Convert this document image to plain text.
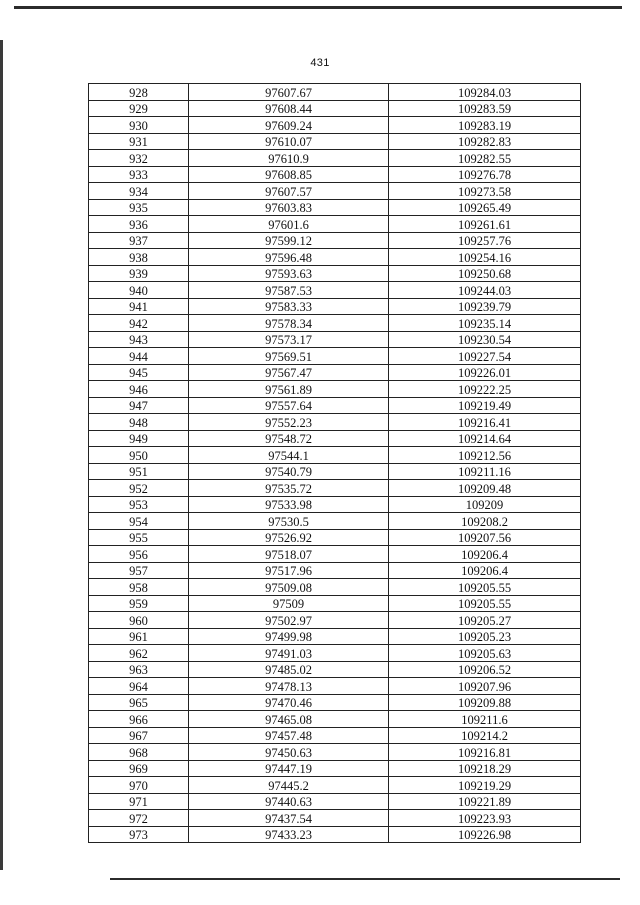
431
928	97607.67	109284.03
929	97608.44	109283.59
930	97609.24	109283.19
931	97610.07	109282.83
932	97610.9	109282.55
933	97608.85	109276.78
934	97607.57	109273.58
935	97603.83	109265.49
936	97601.6	109261.61
937	97599.12	109257.76
938	97596.48	109254.16
939	97593.63	109250.68
940	97587.53	109244.03
941	97583.33	109239.79
942	97578.34	109235.14
943	97573.17	109230.54
944	97569.51	109227.54
945	97567.47	109226.01
946	97561.89	109222.25
947	97557.64	109219.49
948	97552.23	109216.41
949	97548.72	109214.64
950	97544.1	109212.56
951	97540.79	109211.16
952	97535.72	109209.48
953	97533.98	109209
954	97530.5	109208.2
955	97526.92	109207.56
956	97518.07	109206.4
957	97517.96	109206.4
958	97509.08	109205.55
959	97509	109205.55
960	97502.97	109205.27
961	97499.98	109205.23
962	97491.03	109205.63
963	97485.02	109206.52
964	97478.13	109207.96
965	97470.46	109209.88
966	97465.08	109211.6
967	97457.48	109214.2
968	97450.63	109216.81
969	97447.19	109218.29
970	97445.2	109219.29
971	97440.63	109221.89
972	97437.54	109223.93
973	97433.23	109226.98
